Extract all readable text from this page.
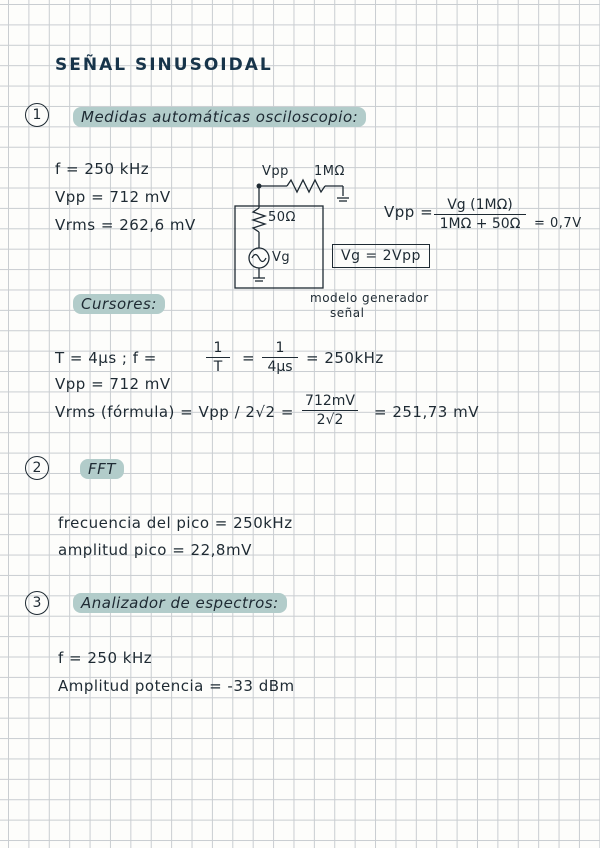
SEÑAL SINUSOIDAL
1	Medidas automáticas osciloscopio:
f = 250 kHz
Vpp = 712 mV
Vrms = 262,6 mV
Vpp 1MΩ
50Ω
Vg
modelo generador
señal
Vg = 2Vpp
Vpp =	Vg (1MΩ)
1MΩ + 50Ω	= 0,7V
Cursores:
T = 4μs ; f =
1
T	=
1
4μs = 250kHz
Vpp = 712 mV
Vrms (fórmula) = Vpp / 2√2 =
712mV
2√2	= 251,73 mV
2	FFT
frecuencia del pico = 250kHz
amplitud pico = 22,8mV
3	Analizador de espectros:
f = 250 kHz
Amplitud potencia = -33 dBm
